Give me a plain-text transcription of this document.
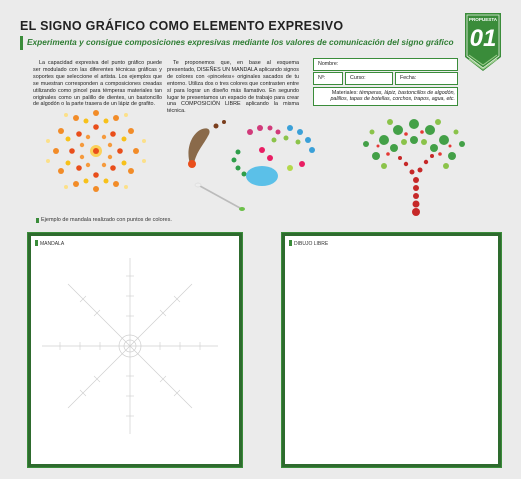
EL SIGNO GRÁFICO COMO ELEMENTO EXPRESIVO
Experimenta y consigue composiciones expresivas mediante los valores de comunicación del signo gráfico
PROPUESTA
01
La capacidad expresiva del punto gráfico puede ser modulado con las diferentes técnicas gráficas y soportes que seleccione el artista. Los ejemplos que se muestran corresponden a composiciones creadas utilizando como pincel para témperas materiales tan originales como un palillo de dientes, un bastoncillo de algodón o la parte trasera de un lápiz de grafito.
Te proponemos que, en base al esquema presentado, DISEÑES UN MANDALA aplicando signos de colores con «pincelesı» originales sacados de tu entorno. Utiliza dos o tres colores que contrasten entre sí para lograr un diseño más llamativo. En segundo lugar te presentamos un espacio de trabajo para crear una COMPOSICIÓN LIBRE aplicando la misma técnica.
Nombre:
Nº:	Curso:	Fecha:
Materiales: témperas, lápiz, bastoncillos de algodón, palillos, tapas de botellas, corchos, trapos, agua, etc.
Ejemplo de mandala realizado con puntos de colores.
MANDALA	DIBUJO LIBRE
